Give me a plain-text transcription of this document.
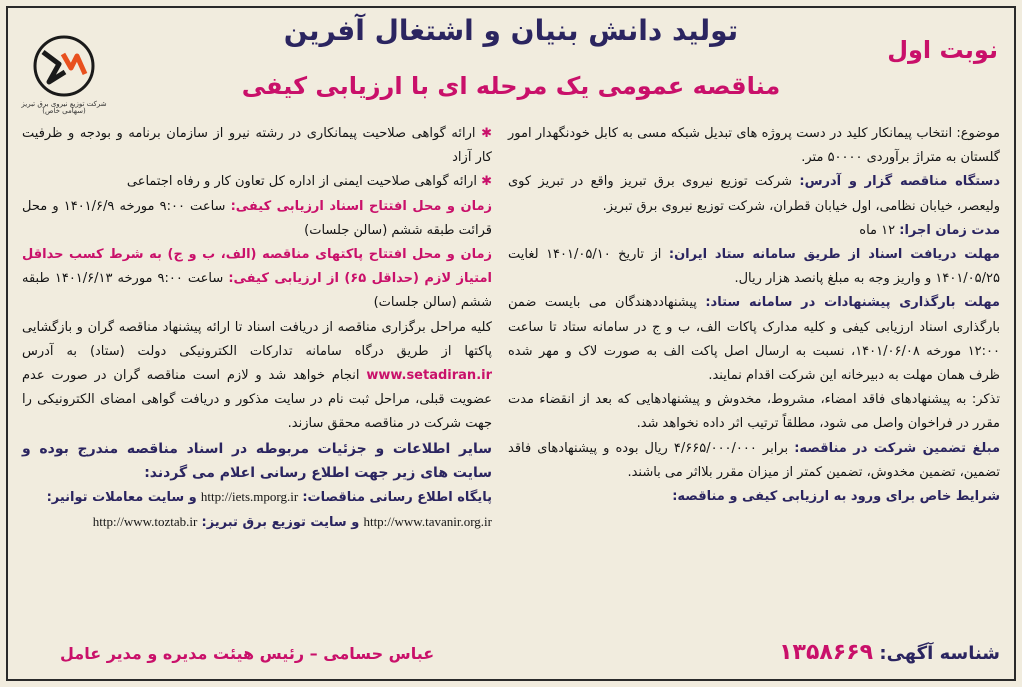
تولید دانش بنیان و اشتغال آفرین
مناقصه عمومی یک مرحله ای با ارزیابی کیفی
نوبت اول
شرکت توزیع نیروی برق تبریز
(سهامی خاص)

موضوع: انتخاب پیمانکار کلید در دست پروژه های تبدیل شبکه مسی به کابل خودنگهدار امور گلستان به متراژ برآوردی ۵۰۰۰۰ متر.

دستگاه مناقصه گزار و آدرس: شرکت توزیع نیروی برق تبریز واقع در تبریز کوی ولیعصر، خیابان نظامی، اول خیابان قطران، شرکت توزیع نیروی برق تبریز.

مدت زمان اجرا: ۱۲ ماه

مهلت دریافت اسناد از طریق سامانه ستاد ایران: از تاریخ ۱۴۰۱/۰۵/۱۰ لغایت ۱۴۰۱/۰۵/۲۵ و واریز وجه به مبلغ پانصد هزار ریال.

مهلت بارگذاری پیشنهادات در سامانه ستاد: پیشنهاددهندگان می بایست ضمن بارگذاری اسناد ارزیابی کیفی و کلیه مدارک پاکات الف، ب و ج در سامانه ستاد تا ساعت ۱۲:۰۰ مورخه ۱۴۰۱/۰۶/۰۸، نسبت به ارسال اصل پاکت الف به صورت لاک و مهر شده ظرف همان مهلت به دبیرخانه این شرکت اقدام نمایند.

تذکر: به پیشنهادهای فاقد امضاء، مشروط، مخدوش و پیشنهادهایی که بعد از انقضاء مدت مقرر در فراخوان واصل می شود، مطلقاً ترتیب اثر داده نخواهد شد.

مبلغ تضمین شرکت در مناقصه: برابر ۴/۶۶۵/۰۰۰/۰۰۰ ریال بوده و پیشنهادهای فاقد تضمین، تضمین مخدوش، تضمین کمتر از میزان مقرر بلااثر می باشند.

شرایط خاص برای ورود به ارزیابی کیفی و مناقصه:

✱ ارائه گواهی صلاحیت پیمانکاری در رشته نیرو از سازمان برنامه و بودجه و ظرفیت کار آزاد

✱ ارائه گواهی صلاحیت ایمنی از اداره کل تعاون کار و رفاه اجتماعی

زمان و محل افتتاح اسناد ارزیابی کیفی: ساعت ۹:۰۰ مورخه ۱۴۰۱/۶/۹ و محل قرائت طبقه ششم (سالن جلسات)

زمان و محل افتتاح پاکتهای مناقصه (الف، ب و ج) به شرط کسب حداقل امتیاز لازم (حداقل ۶۵) از ارزیابی کیفی: ساعت ۹:۰۰ مورخه ۱۴۰۱/۶/۱۳ طبقه ششم (سالن جلسات)

کلیه مراحل برگزاری مناقصه از دریافت اسناد تا ارائه پیشنهاد مناقصه گران و بازگشایی پاکتها از طریق درگاه سامانه تدارکات الکترونیکی دولت (ستاد) به آدرس www.setadiran.ir انجام خواهد شد و لازم است مناقصه گران در صورت عدم عضویت قبلی، مراحل ثبت نام در سایت مذکور و دریافت گواهی امضای الکترونیکی را جهت شرکت در مناقصه محقق سازند.

سایر اطلاعات و جزئیات مربوطه در اسناد مناقصه مندرج بوده و سایت های زیر جهت اطلاع رسانی اعلام می گردند:

پایگاه اطلاع رسانی مناقصات: http://iets.mporg.ir و سایت معاملات توانیر:

http://www.tavanir.org.ir و سایت توزیع برق تبریز: http://www.toztab.ir

شناسه آگهی: ۱۳۵۸۶۶۹
عباس حسامی – رئیس هیئت مدیره و مدیر عامل
